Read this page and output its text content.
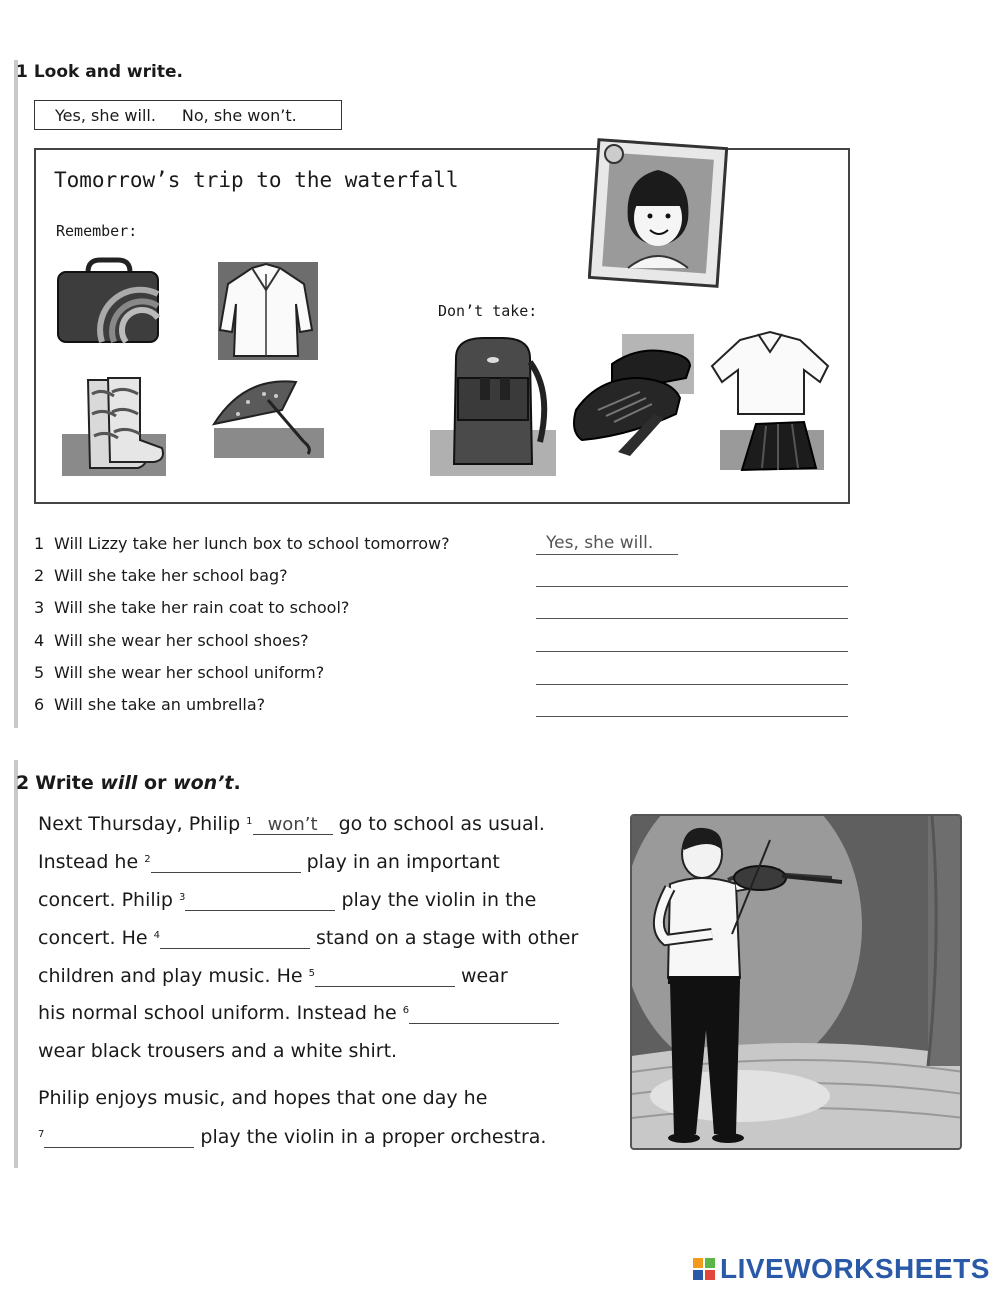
1 Look and write.
Yes, she will. No, she won’t.
Tomorrow’s trip to the waterfall
Remember:
Don’t take:
1 Will Lizzy take her lunch box to school tomorrow?	Yes, she will.
2 Will she take her school bag?
3 Will she take her rain coat to school?
4 Will she wear her school shoes?
5 Will she wear her school uniform?
6 Will she take an umbrella?
2 Write will or won’t.
Next Thursday, Philip $^1$ won’t go to school as usual.
Instead he $^2$	play in an important
concert. Philip $^3$	play the violin in the
concert. He $^4$	stand on a stage with other
children and play music. He $^5$	wear
his normal school uniform. Instead he $^6$
wear black trousers and a white shirt.
Philip enjoys music, and hopes that one day he
$^7$	play the violin in a proper orchestra.
LIVEWORKSHEETS
